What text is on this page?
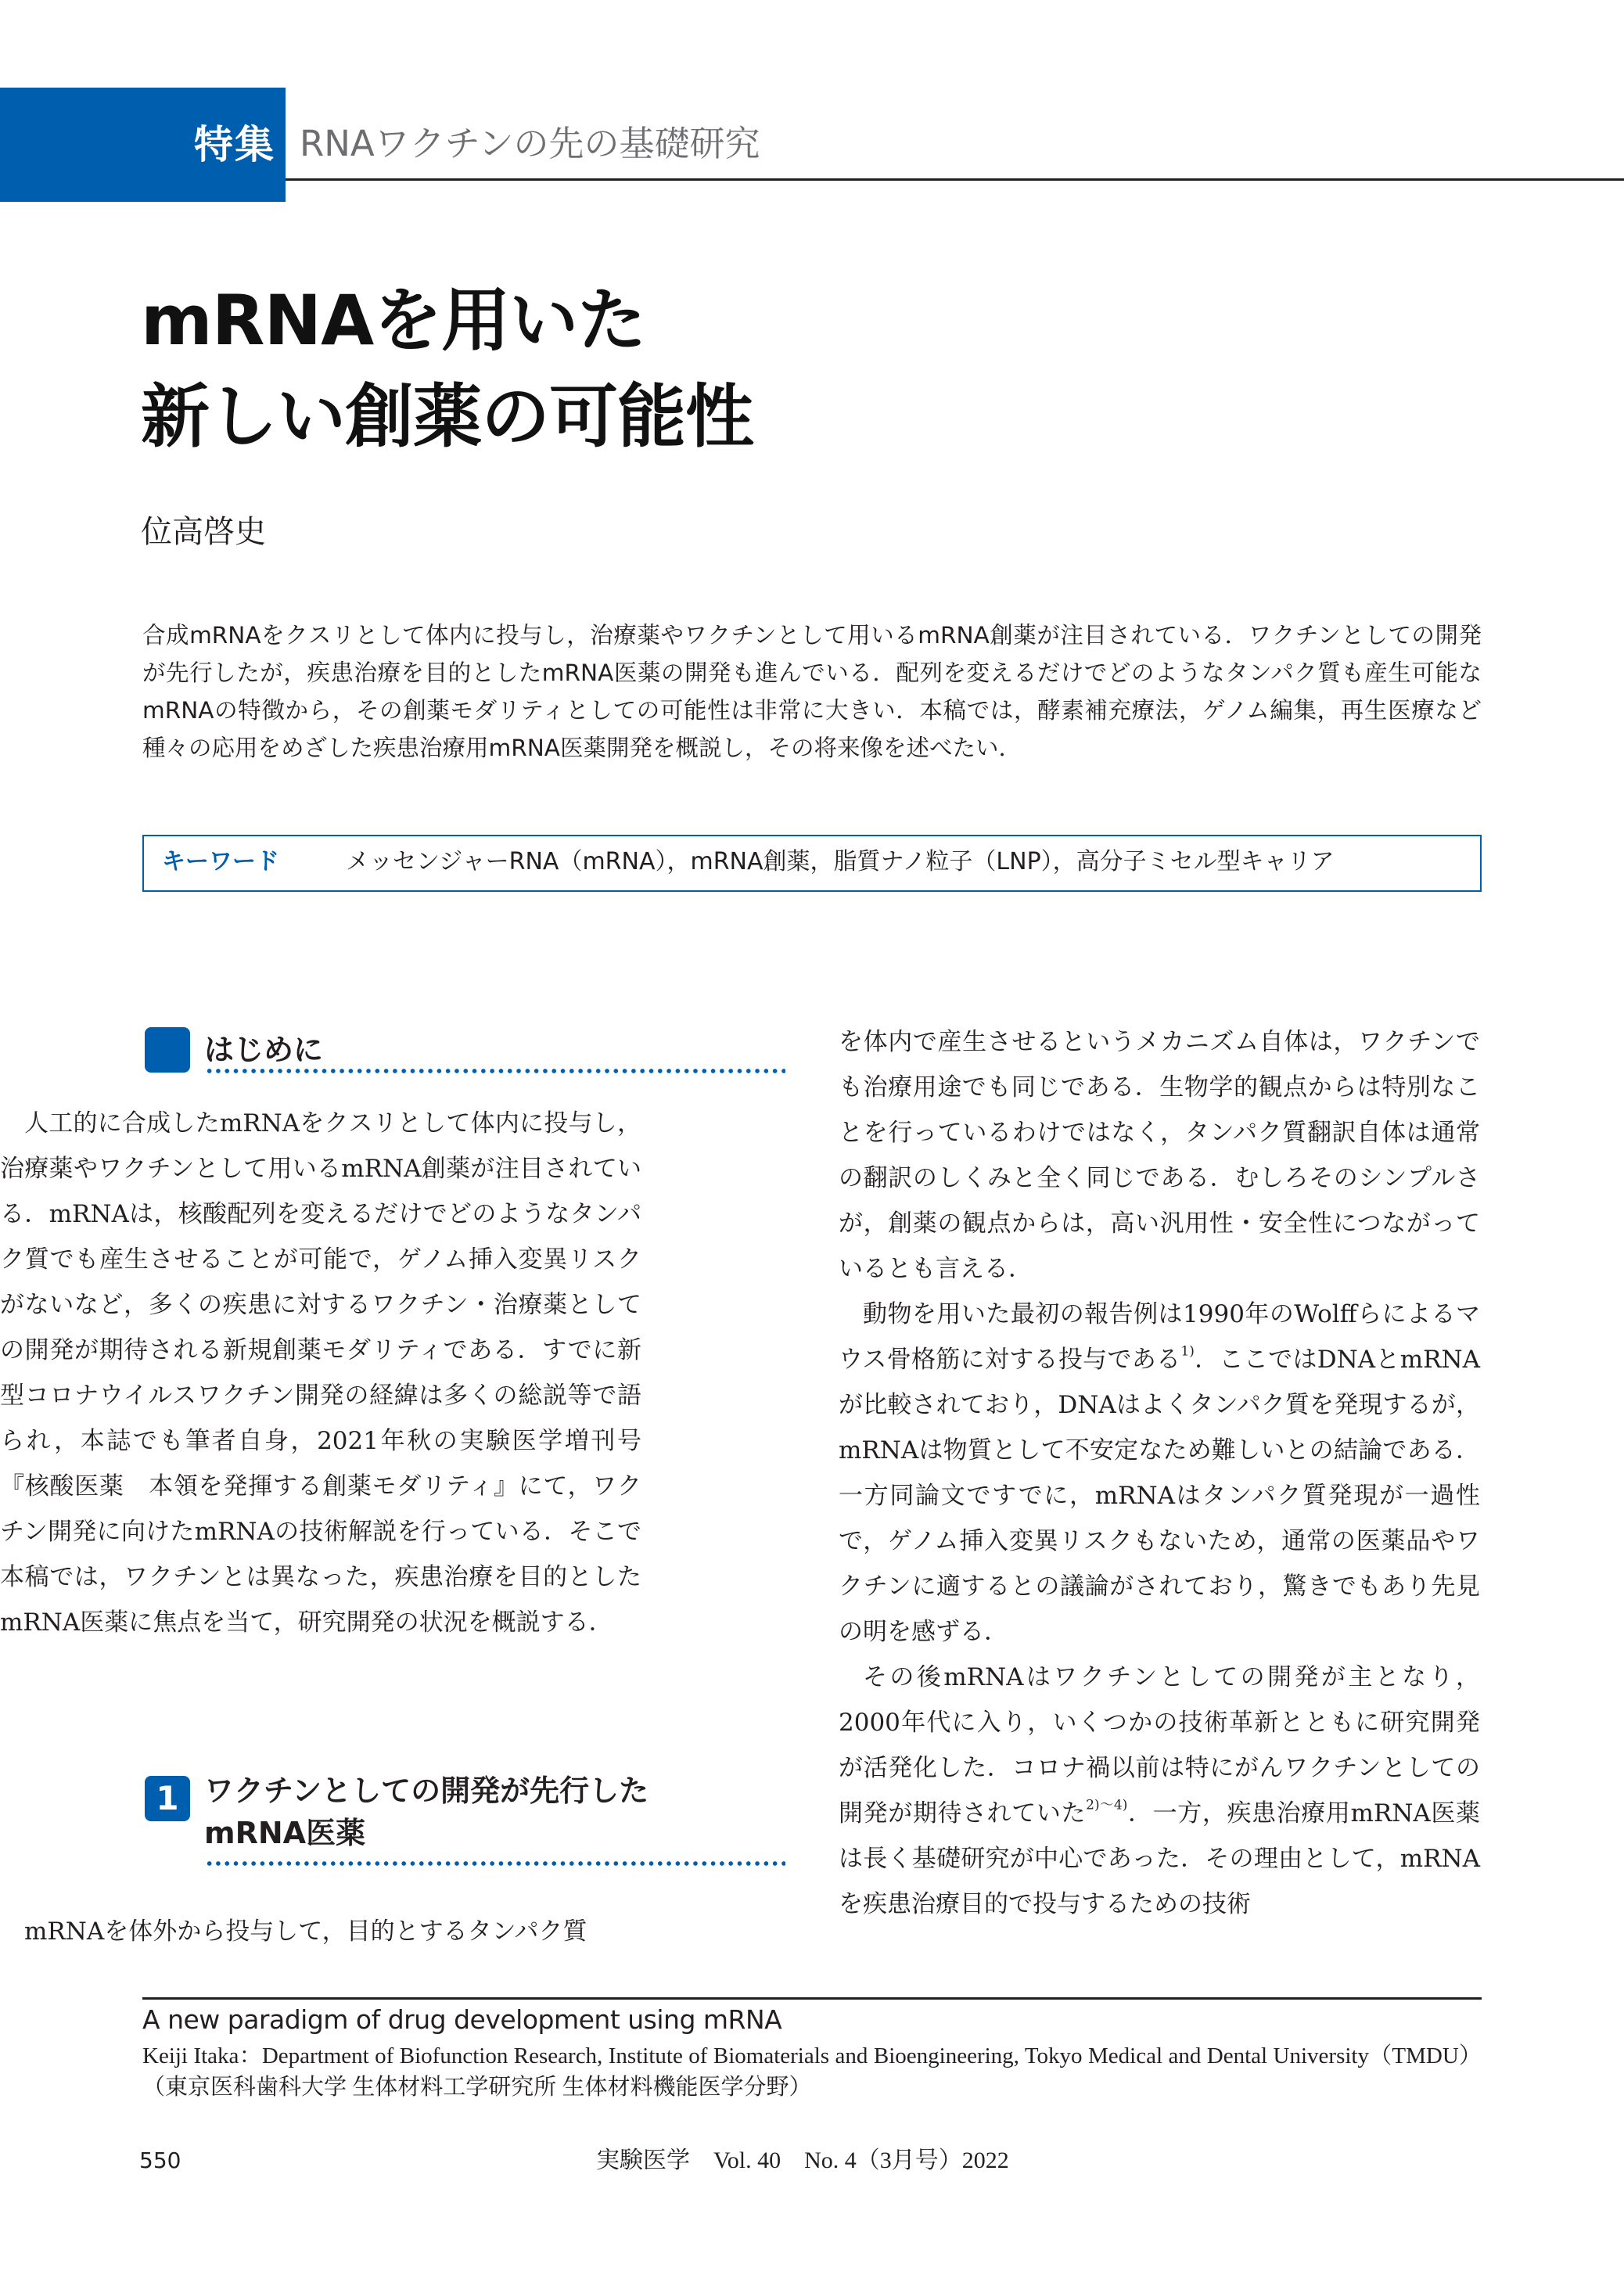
特集 RNAワクチンの先の基礎研究
mRNAを用いた
新しい創薬の可能性
位高啓史
合成mRNAをクスリとして体内に投与し，治療薬やワクチンとして用いるmRNA創薬が注目されている．ワクチンとしての開発が先行したが，疾患治療を目的としたmRNA医薬の開発も進んでいる．配列を変えるだけでどのようなタンパク質も産生可能なmRNAの特徴から，その創薬モダリティとしての可能性は非常に大きい．本稿では，酵素補充療法，ゲノム編集，再生医療など種々の応用をめざした疾患治療用mRNA医薬開発を概説し，その将来像を述べたい．
キーワード	メッセンジャーRNA（mRNA），mRNA創薬，脂質ナノ粒子（LNP），高分子ミセル型キャリア
はじめに

人工的に合成したmRNAをクスリとして体内に投与し，治療薬やワクチンとして用いるmRNA創薬が注目されている．mRNAは，核酸配列を変えるだけでどのようなタンパク質でも産生させることが可能で，ゲノム挿入変異リスクがないなど，多くの疾患に対するワクチン・治療薬としての開発が期待される新規創薬モダリティである．すでに新型コロナウイルスワクチン開発の経緯は多くの総説等で語られ，本誌でも筆者自身，2021年秋の実験医学増刊号『核酸医薬　本領を発揮する創薬モダリティ』にて，ワクチン開発に向けたmRNAの技術解説を行っている．そこで本稿では，ワクチンとは異なった，疾患治療を目的としたmRNA医薬に焦点を当て，研究開発の状況を概説する．

1 ワクチンとしての開発が先行した
mRNA医薬

mRNAを体外から投与して，目的とするタンパク質

を体内で産生させるというメカニズム自体は，ワクチンでも治療用途でも同じである．生物学的観点からは特別なことを行っているわけではなく，タンパク質翻訳自体は通常の翻訳のしくみと全く同じである．むしろそのシンプルさが，創薬の観点からは，高い汎用性・安全性につながっているとも言える．

動物を用いた最初の報告例は1990年のWolffらによるマウス骨格筋に対する投与である$^{1)}$．ここではDNAとmRNAが比較されており，DNAはよくタンパク質を発現するが，mRNAは物質として不安定なため難しいとの結論である．一方同論文ですでに，mRNAはタンパク質発現が一過性で，ゲノム挿入変異リスクもないため，通常の医薬品やワクチンに適するとの議論がされており，驚きでもあり先見の明を感ずる．

その後mRNAはワクチンとしての開発が主となり，2000年代に入り，いくつかの技術革新とともに研究開発が活発化した．コロナ禍以前は特にがんワクチンとしての開発が期待されていた$^{2)\sim 4)}$．一方，疾患治療用mRNA医薬は長く基礎研究が中心であった．その理由として，mRNAを疾患治療目的で投与するための技術

A new paradigm of drug development using mRNA
Keiji Itaka：Department of Biofunction Research, Institute of Biomaterials and Bioengineering, Tokyo Medical and Dental University（TMDU）（東京医科歯科大学 生体材料工学研究所 生体材料機能医学分野）
550	実験医学　Vol. 40　No. 4（3月号）2022
